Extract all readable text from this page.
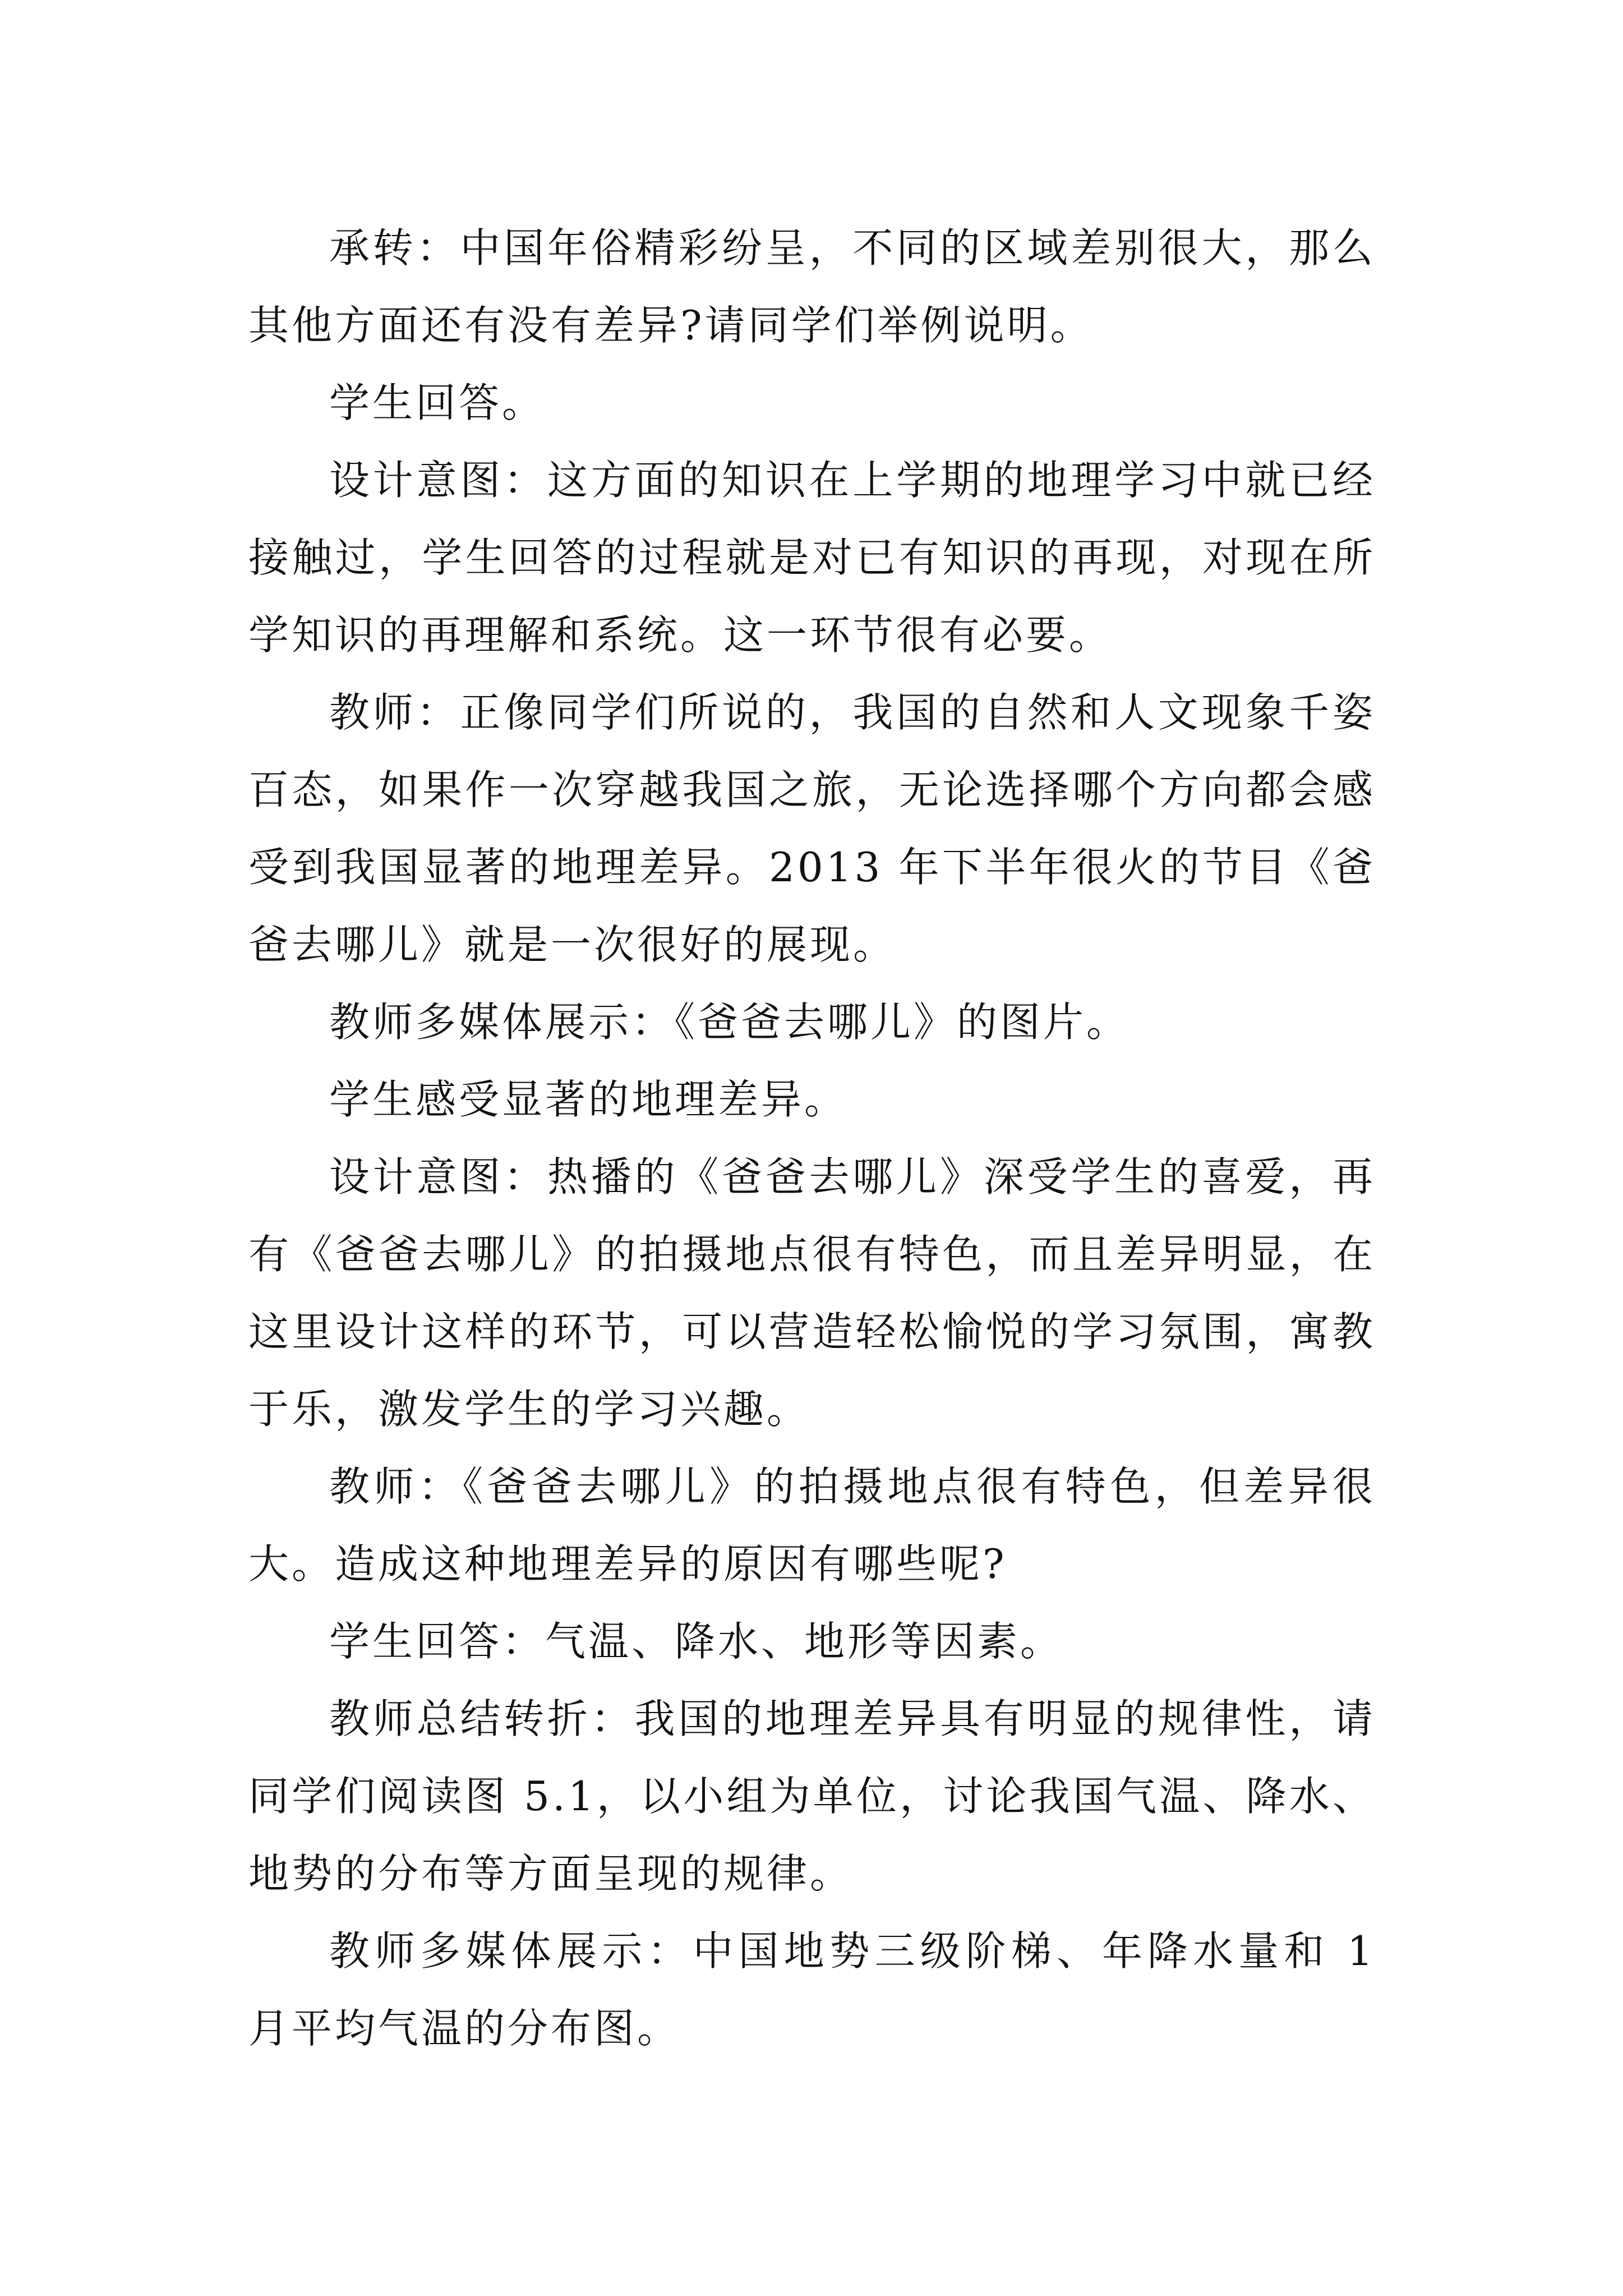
承转：中国年俗精彩纷呈，不同的区域差别很大，那么其他方面还有没有差异?请同学们举例说明。

学生回答。

设计意图：这方面的知识在上学期的地理学习中就已经接触过，学生回答的过程就是对已有知识的再现，对现在所学知识的再理解和系统。这一环节很有必要。

教师：正像同学们所说的，我国的自然和人文现象千姿百态，如果作一次穿越我国之旅，无论选择哪个方向都会感受到我国显著的地理差异。2013 年下半年很火的节目《爸爸去哪儿》就是一次很好的展现。

教师多媒体展示：《爸爸去哪儿》的图片。

学生感受显著的地理差异。

设计意图：热播的《爸爸去哪儿》深受学生的喜爱，再有《爸爸去哪儿》的拍摄地点很有特色，而且差异明显，在这里设计这样的环节，可以营造轻松愉悦的学习氛围，寓教于乐，激发学生的学习兴趣。

教师：《爸爸去哪儿》的拍摄地点很有特色，但差异很大。造成这种地理差异的原因有哪些呢?

学生回答：气温、降水、地形等因素。

教师总结转折：我国的地理差异具有明显的规律性，请同学们阅读图 5.1，以小组为单位，讨论我国气温、降水、地势的分布等方面呈现的规律。

教师多媒体展示：中国地势三级阶梯、年降水量和 1 月平均气温的分布图。
